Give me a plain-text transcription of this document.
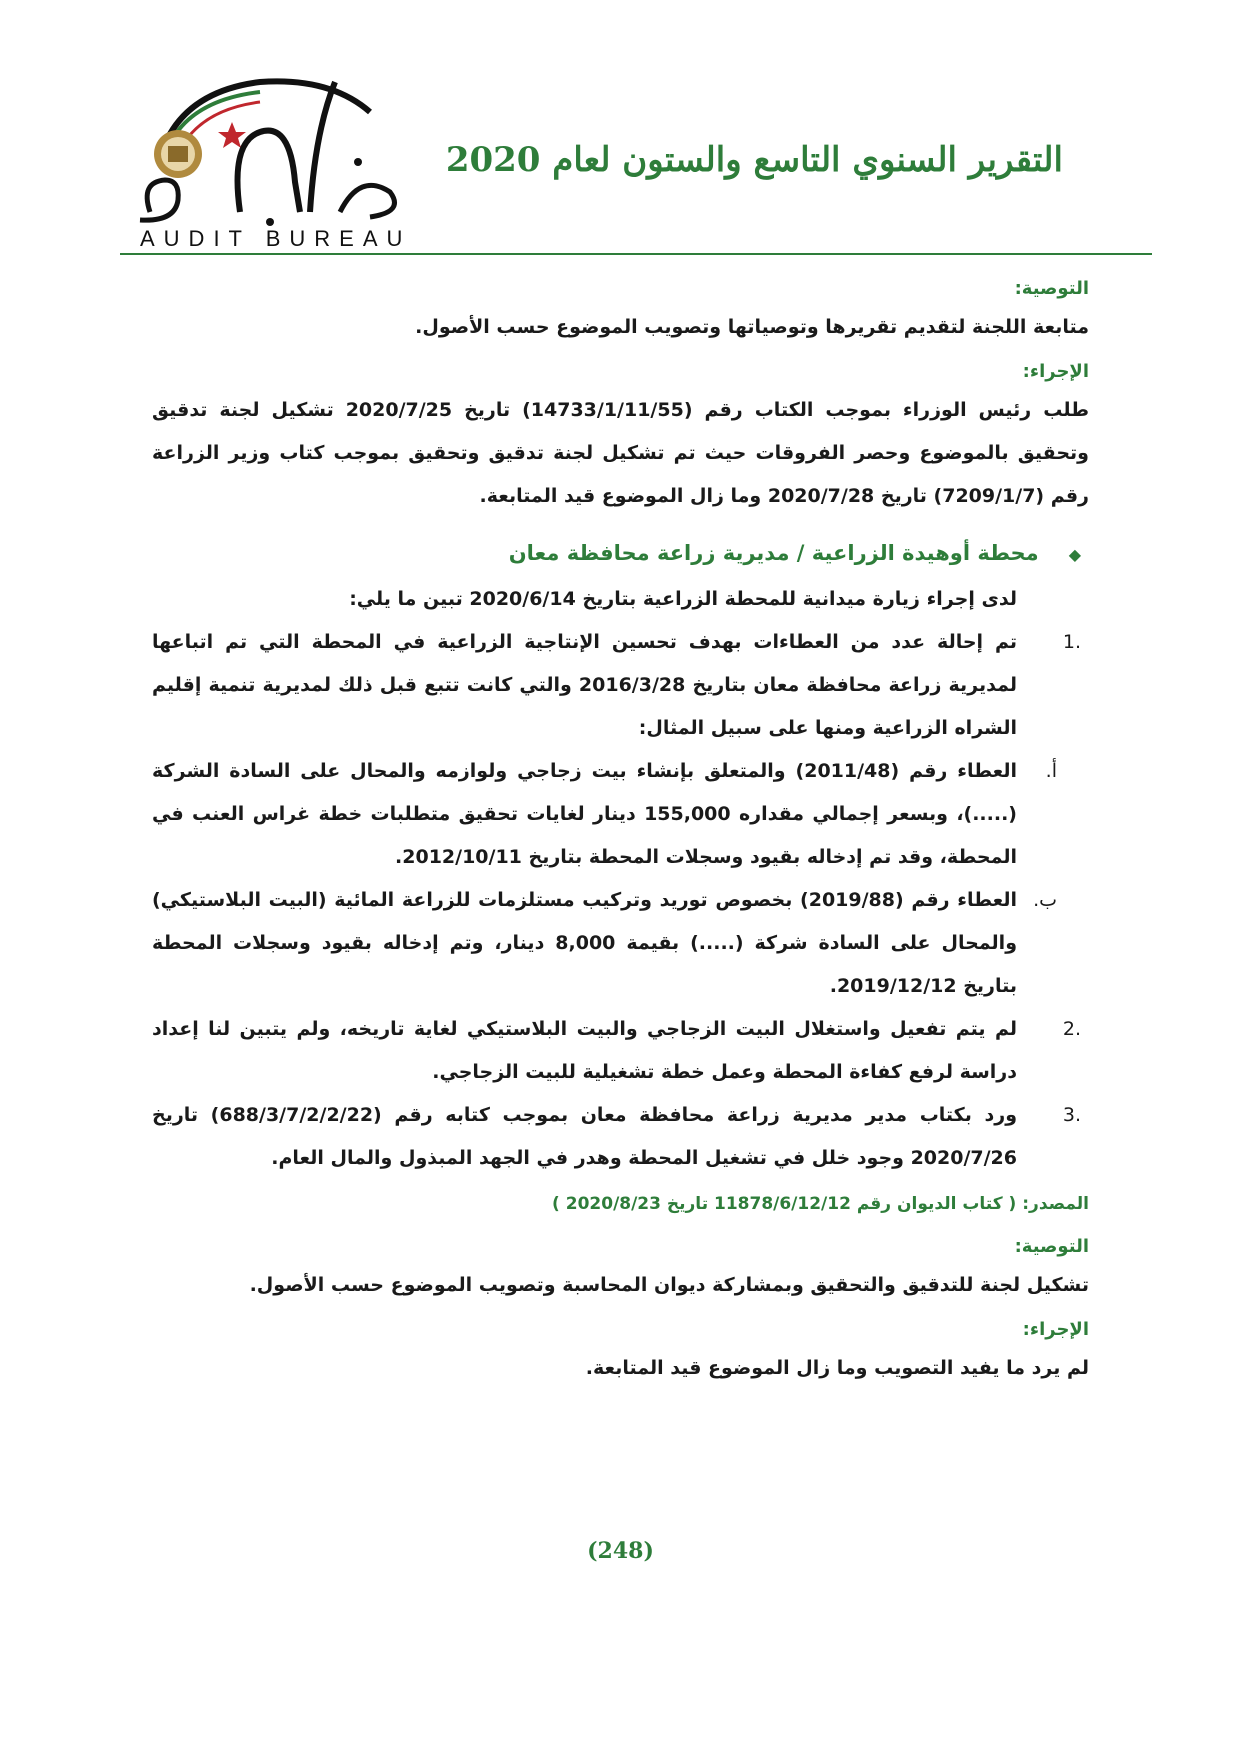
AUDIT BUREAU
التقرير السنوي التاسع والستون لعام 2020
التوصية:

متابعة اللجنة لتقديم تقريرها وتوصياتها وتصويب الموضوع حسب الأصول.

الإجراء:

طلب رئيس الوزراء بموجب الكتاب رقم (14733/1/11/55) تاريخ 2020/7/25 تشكيل لجنة تدقيق وتحقيق بالموضوع وحصر الفروقات حيث تم تشكيل لجنة تدقيق وتحقيق بموجب كتاب وزير الزراعة رقم (7209/1/7) تاريخ 2020/7/28 وما زال الموضوع قيد المتابعة.

◆محطة أوهيدة الزراعية / مديرية زراعة محافظة معان

لدى إجراء زيارة ميدانية للمحطة الزراعية بتاريخ 2020/6/14 تبين ما يلي:

.1
تم إحالة عدد من العطاءات بهدف تحسين الإنتاجية الزراعية في المحطة التي تم اتباعها لمديرية زراعة محافظة معان بتاريخ 2016/3/28 والتي كانت تتبع قبل ذلك لمديرية تنمية إقليم الشراه الزراعية ومنها على سبيل المثال:
أ.
العطاء رقم (2011/48) والمتعلق بإنشاء بيت زجاجي ولوازمه والمحال على السادة الشركة (.....)، وبسعر إجمالي مقداره 155,000 دينار لغايات تحقيق متطلبات خطة غراس العنب في المحطة، وقد تم إدخاله بقيود وسجلات المحطة بتاريخ 2012/10/11.
ب.
العطاء رقم (2019/88) بخصوص توريد وتركيب مستلزمات للزراعة المائية (البيت البلاستيكي) والمحال على السادة شركة (.....) بقيمة 8,000 دينار، وتم إدخاله بقيود وسجلات المحطة بتاريخ 2019/12/12.
.2
لم يتم تفعيل واستغلال البيت الزجاجي والبيت البلاستيكي لغاية تاريخه، ولم يتبين لنا إعداد دراسة لرفع كفاءة المحطة وعمل خطة تشغيلية للبيت الزجاجي.
.3
ورد بكتاب مدير مديرية زراعة محافظة معان بموجب كتابه رقم (688/3/7/2/2/22) تاريخ 2020/7/26 وجود خلل في تشغيل المحطة وهدر في الجهد المبذول والمال العام.
المصدر: ( كتاب الديوان رقم 11878/6/12/12 تاريخ 2020/8/23 )
التوصية:

تشكيل لجنة للتدقيق والتحقيق وبمشاركة ديوان المحاسبة وتصويب الموضوع حسب الأصول.

الإجراء:

لم يرد ما يفيد التصويب وما زال الموضوع قيد المتابعة.

(248)
